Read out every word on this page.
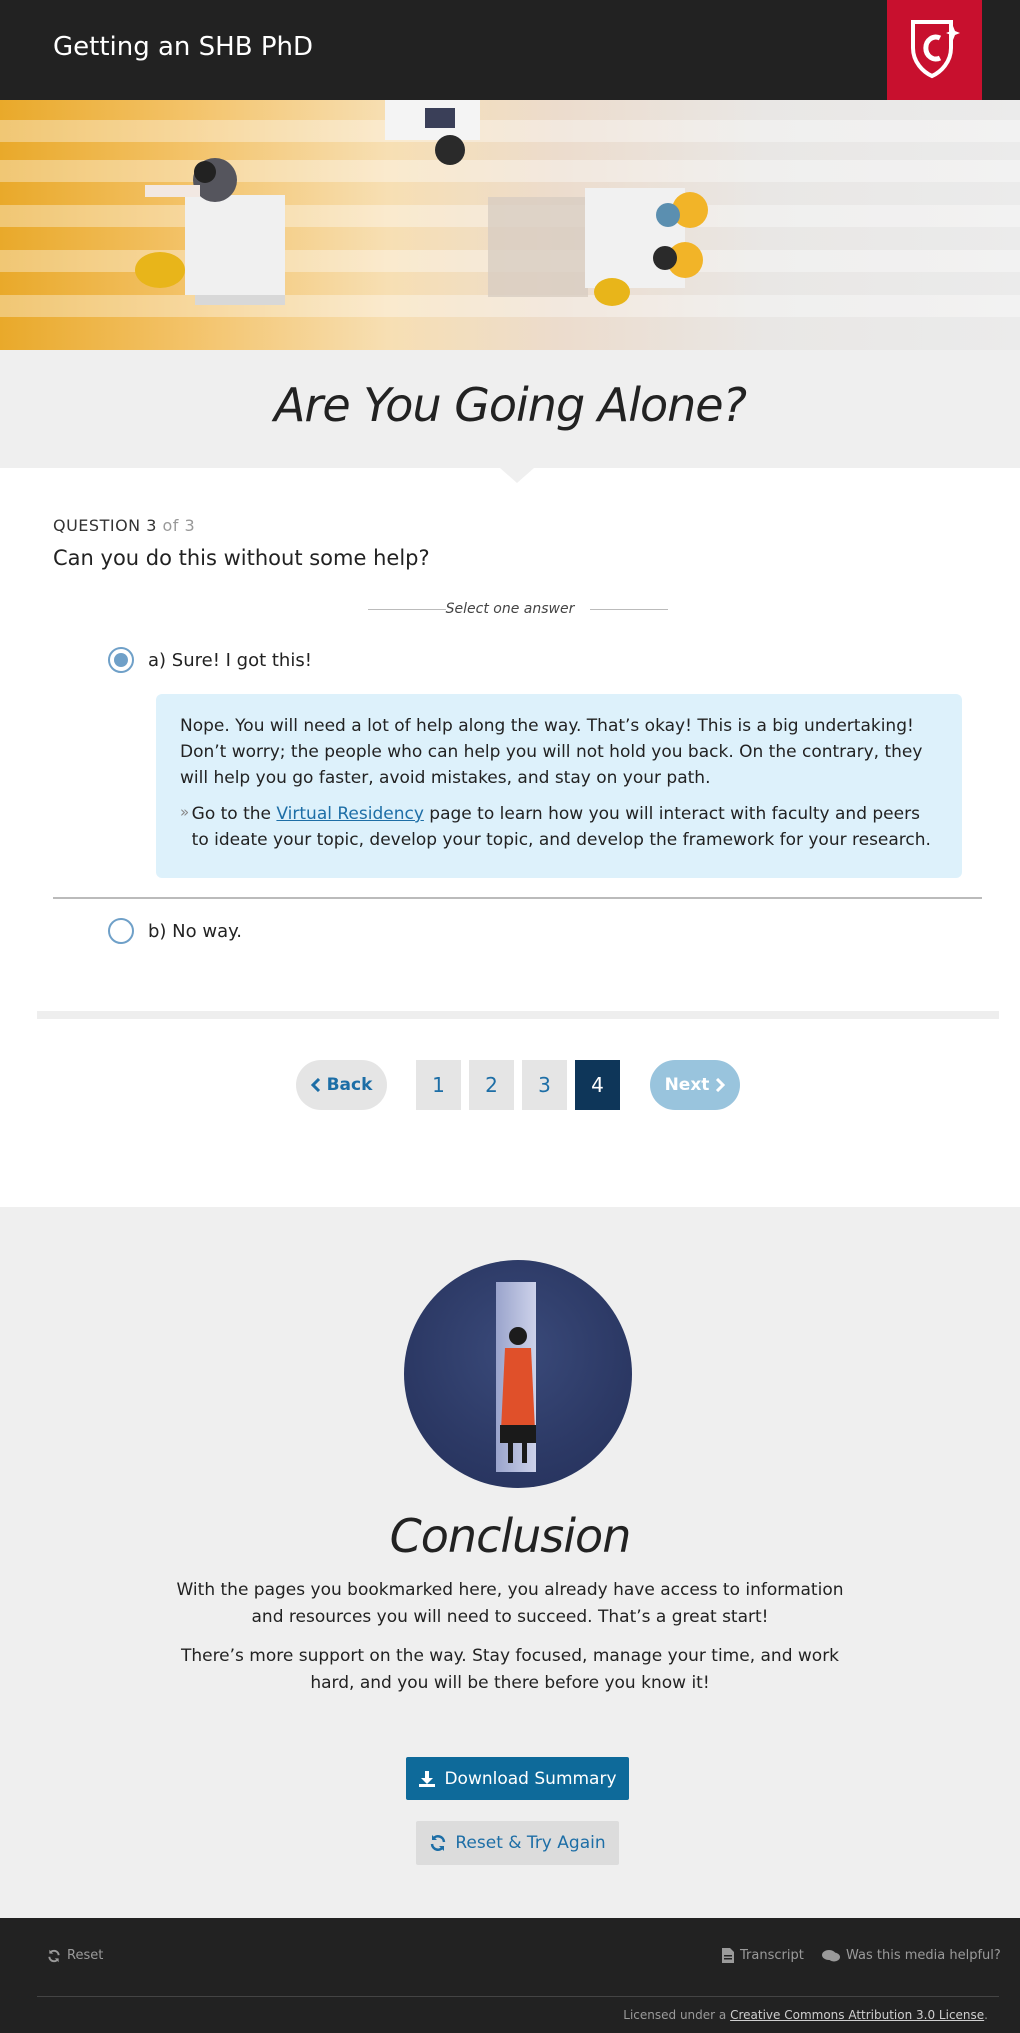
Getting an SHB PhD
Are You Going Alone?
QUESTION 3 of 3
Can you do this without some help?
Select one answer
a) Sure! I got this!

Nope. You will need a lot of help along the way. That’s okay! This is a big undertaking! Don’t worry; the people who can help you will not hold you back. On the contrary, they will help you go faster, avoid mistakes, and stay on your path.

» Go to the Virtual Residency page to learn how you will interact with faculty and peers to ideate your topic, develop your topic, and develop the framework for your research.

b) No way.
Back	1	2	3	4	Next
Conclusion

With the pages you bookmarked here, you already have access to information and resources you will need to succeed. That’s a great start!

There’s more support on the way. Stay focused, manage your time, and work hard, and you will be there before you know it!

Download Summary
Reset & Try Again
Reset	Transcript	Was this media helpful?
Licensed under a Creative Commons Attribution 3.0 License.
